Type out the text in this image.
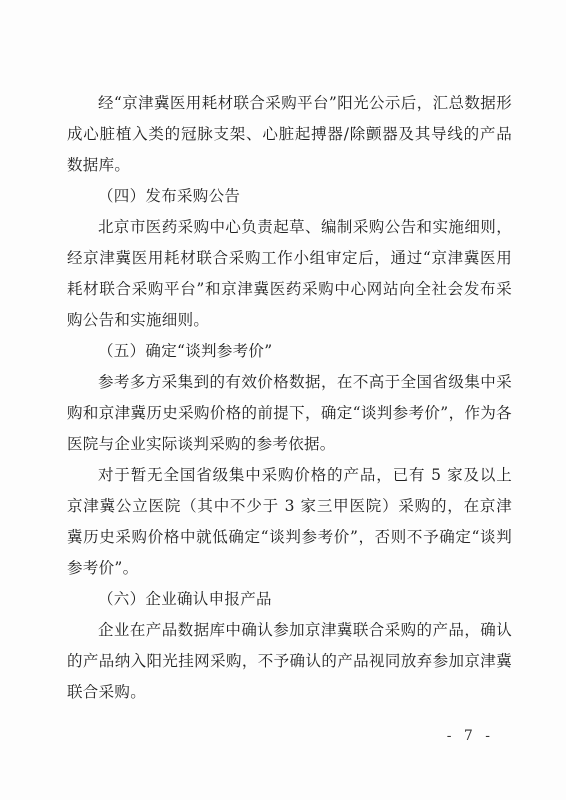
经“京津冀医用耗材联合采购平台”阳光公示后，汇总数据形成心脏植入类的冠脉支架、心脏起搏器/除颤器及其导线的产品数据库。

（四）发布采购公告

北京市医药采购中心负责起草、编制采购公告和实施细则，经京津冀医用耗材联合采购工作小组审定后，通过“京津冀医用耗材联合采购平台”和京津冀医药采购中心网站向全社会发布采购公告和实施细则。

（五）确定“谈判参考价”

参考多方采集到的有效价格数据，在不高于全国省级集中采购和京津冀历史采购价格的前提下，确定“谈判参考价”，作为各医院与企业实际谈判采购的参考依据。

对于暂无全国省级集中采购价格的产品，已有 5 家及以上京津冀公立医院（其中不少于 3 家三甲医院）采购的，在京津冀历史采购价格中就低确定“谈判参考价”，否则不予确定“谈判参考价”。

（六）企业确认申报产品

企业在产品数据库中确认参加京津冀联合采购的产品，确认的产品纳入阳光挂网采购，不予确认的产品视同放弃参加京津冀联合采购。

- 7 -
